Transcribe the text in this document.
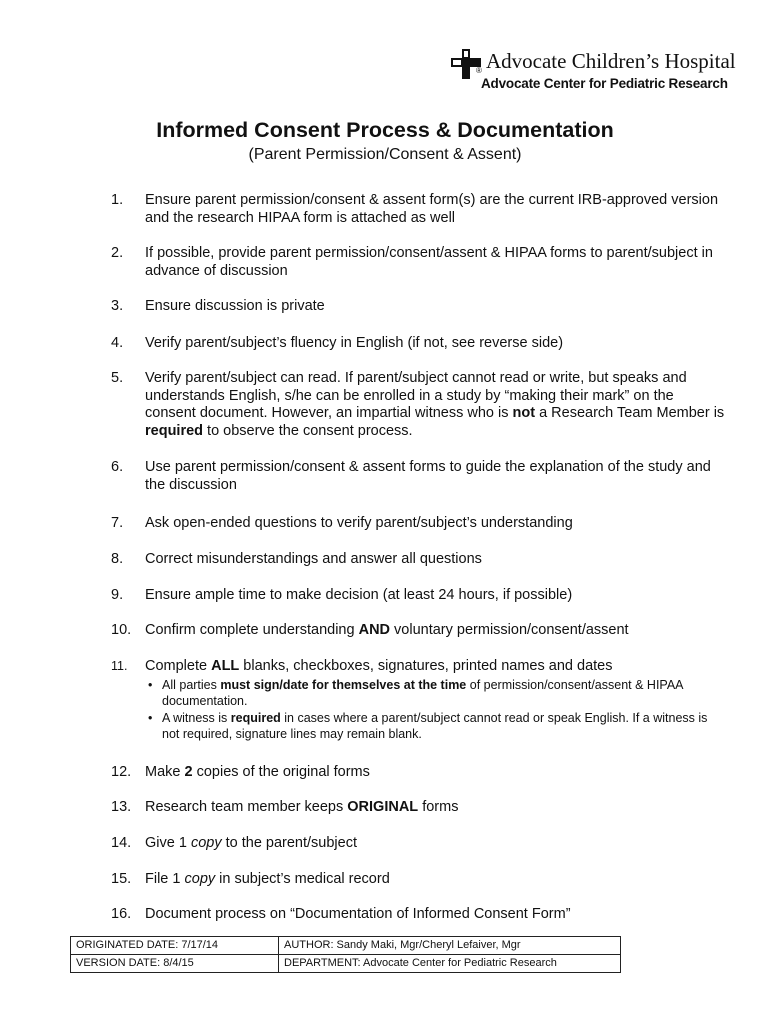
Advocate Children’s Hospital
®
Advocate Center for Pediatric Research
Informed Consent Process & Documentation
(Parent Permission/Consent & Assent)
1. Ensure parent permission/consent & assent form(s) are the current IRB-approved version and the research HIPAA form is attached as well
2. If possible, provide parent permission/consent/assent & HIPAA forms to parent/subject in advance of discussion
3. Ensure discussion is private
4. Verify parent/subject’s fluency in English (if not, see reverse side)
5. Verify parent/subject can read. If parent/subject cannot read or write, but speaks and understands English, s/he can be enrolled in a study by “making their mark” on the consent document. However, an impartial witness who is not a Research Team Member is required to observe the consent process.
6. Use parent permission/consent & assent forms to guide the explanation of the study and the discussion
7. Ask open-ended questions to verify parent/subject’s understanding
8. Correct misunderstandings and answer all questions
9. Ensure ample time to make decision (at least 24 hours, if possible)
10. Confirm complete understanding AND voluntary permission/consent/assent
11. Complete ALL blanks, checkboxes, signatures, printed names and dates
• All parties must sign/date for themselves at the time of permission/consent/assent & HIPAA documentation.
• A witness is required in cases where a parent/subject cannot read or speak English. If a witness is not required, signature lines may remain blank.
12. Make 2 copies of the original forms
13. Research team member keeps ORIGINAL forms
14. Give 1 copy to the parent/subject
15. File 1 copy in subject’s medical record
16. Document process on “Documentation of Informed Consent Form”
ORIGINATED DATE: 7/17/14	AUTHOR: Sandy Maki, Mgr/Cheryl Lefaiver, Mgr
VERSION DATE: 8/4/15	DEPARTMENT: Advocate Center for Pediatric Research
